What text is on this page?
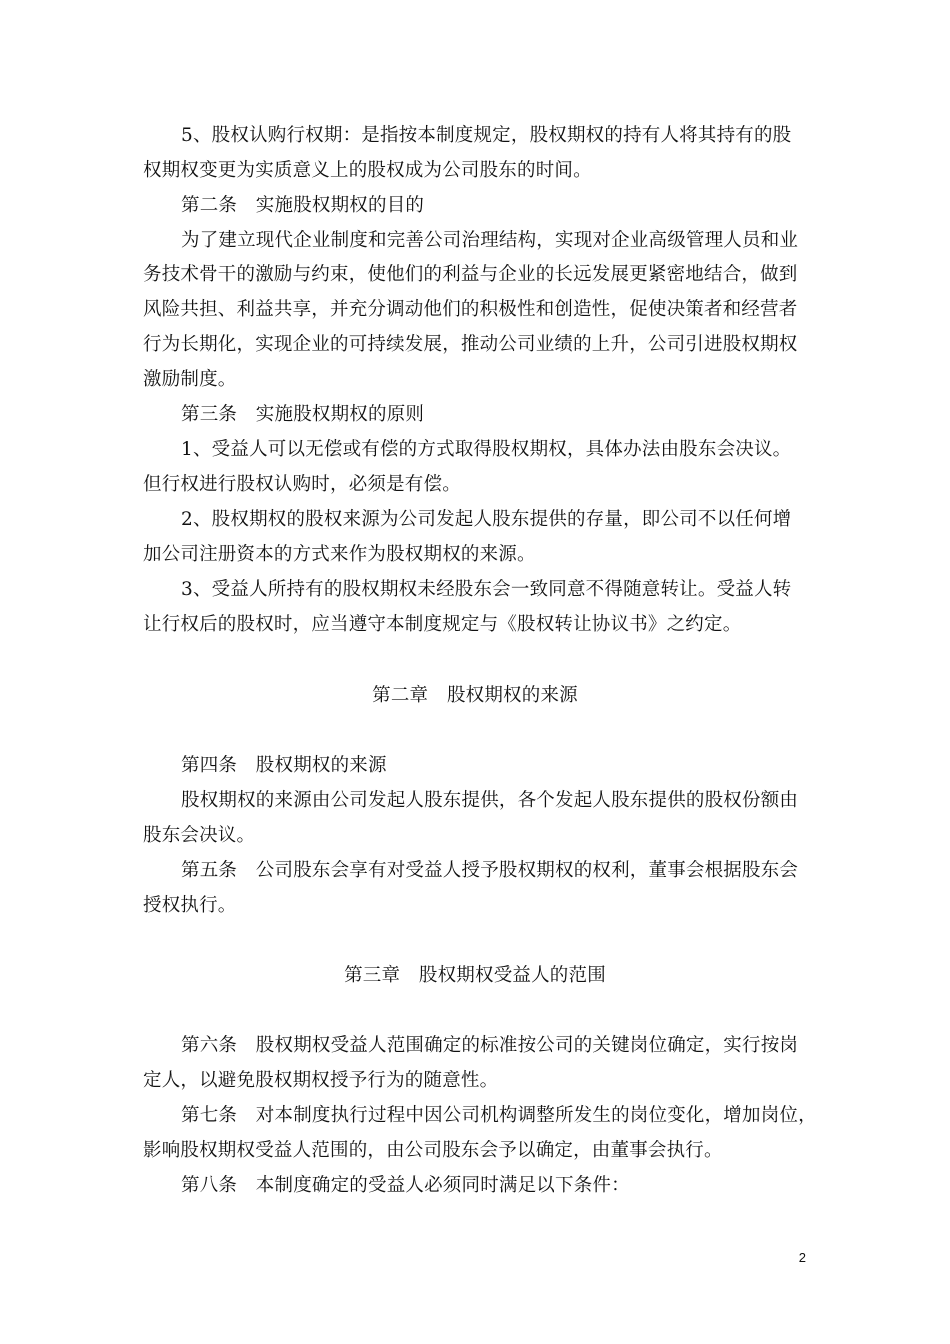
5、股权认购行权期：是指按本制度规定，股权期权的持有人将其持有的股
权期权变更为实质意义上的股权成为公司股东的时间。
第二条　实施股权期权的目的
为了建立现代企业制度和完善公司治理结构，实现对企业高级管理人员和业
务技术骨干的激励与约束，使他们的利益与企业的长远发展更紧密地结合，做到
风险共担、利益共享，并充分调动他们的积极性和创造性，促使决策者和经营者
行为长期化，实现企业的可持续发展，推动公司业绩的上升，公司引进股权期权
激励制度。
第三条　实施股权期权的原则
1、受益人可以无偿或有偿的方式取得股权期权，具体办法由股东会决议。
但行权进行股权认购时，必须是有偿。
2、股权期权的股权来源为公司发起人股东提供的存量，即公司不以任何增
加公司注册资本的方式来作为股权期权的来源。
3、受益人所持有的股权期权未经股东会一致同意不得随意转让。受益人转
让行权后的股权时，应当遵守本制度规定与《股权转让协议书》之约定。
第二章　股权期权的来源
第四条　股权期权的来源
股权期权的来源由公司发起人股东提供，各个发起人股东提供的股权份额由
股东会决议。
第五条　公司股东会享有对受益人授予股权期权的权利，董事会根据股东会
授权执行。
第三章　股权期权受益人的范围
第六条　股权期权受益人范围确定的标准按公司的关键岗位确定，实行按岗
定人，以避免股权期权授予行为的随意性。
第七条　对本制度执行过程中因公司机构调整所发生的岗位变化，增加岗位，
影响股权期权受益人范围的，由公司股东会予以确定，由董事会执行。
第八条　本制度确定的受益人必须同时满足以下条件：
2
